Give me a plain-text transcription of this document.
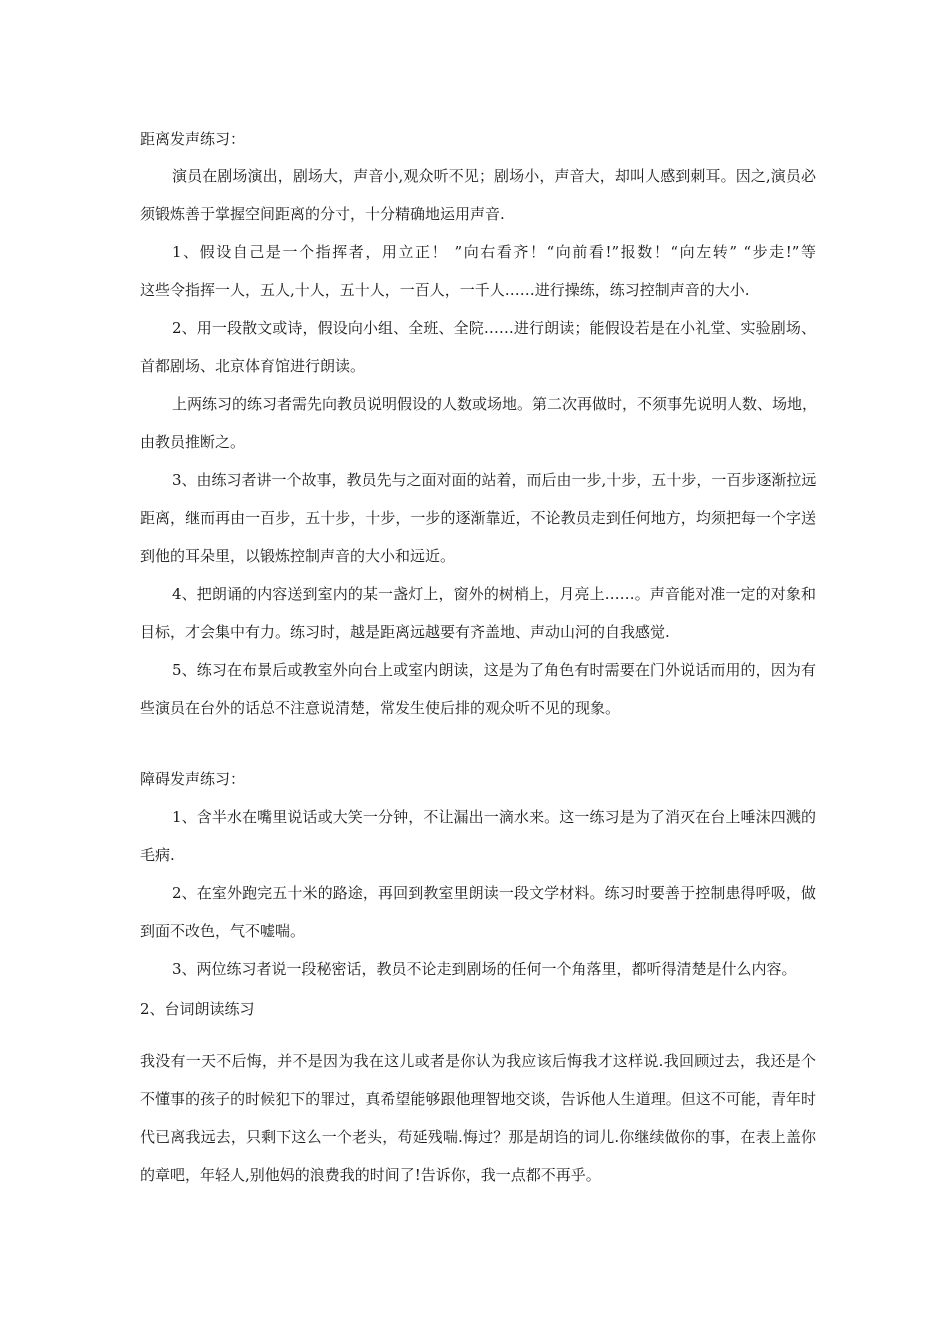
距离发声练习：
演员在剧场演出，剧场大，声音小,观众听不见；剧场小，声音大，却叫人感到刺耳。因之,演员必
须锻炼善于掌握空间距离的分寸，十分精确地运用声音.
1、假设自己是一个指挥者，用立正！ ”向右看齐！“向前看!”报数！“向左转” “步走!”等
这些令指挥一人，五人,十人，五十人，一百人，一千人……进行操练，练习控制声音的大小.
2、用一段散文或诗，假设向小组、全班、全院……进行朗读；能假设若是在小礼堂、实验剧场、
首都剧场、北京体育馆进行朗读。
上两练习的练习者需先向教员说明假设的人数或场地。第二次再做时，不须事先说明人数、场地，
由教员推断之。
3、由练习者讲一个故事，教员先与之面对面的站着，而后由一步,十步，五十步，一百步逐渐拉远
距离，继而再由一百步，五十步，十步，一步的逐渐靠近，不论教员走到任何地方，均须把每一个字送
到他的耳朵里，以锻炼控制声音的大小和远近。
4、把朗诵的内容送到室内的某一盏灯上，窗外的树梢上，月亮上……。声音能对准一定的对象和
目标，才会集中有力。练习时，越是距离远越要有齐盖地、声动山河的自我感觉.
5、练习在布景后或教室外向台上或室内朗读，这是为了角色有时需要在门外说话而用的，因为有
些演员在台外的话总不注意说清楚，常发生使后排的观众听不见的现象。
障碍发声练习：
1、含半水在嘴里说话或大笑一分钟，不让漏出一滴水来。这一练习是为了消灭在台上唾沫四溅的
毛病.
2、在室外跑完五十米的路途，再回到教室里朗读一段文学材料。练习时要善于控制患得呼吸，做
到面不改色，气不嘘喘。
3、两位练习者说一段秘密话，教员不论走到剧场的任何一个角落里，都听得清楚是什么内容。
2、台词朗读练习
我没有一天不后悔，并不是因为我在这儿或者是你认为我应该后悔我才这样说.我回顾过去，我还是个
不懂事的孩子的时候犯下的罪过，真希望能够跟他理智地交谈，告诉他人生道理。但这不可能，青年时
代已离我远去，只剩下这么一个老头，苟延残喘.悔过？那是胡诌的词儿.你继续做你的事，在表上盖你
的章吧，年轻人,别他妈的浪费我的时间了!告诉你，我一点都不再乎。
